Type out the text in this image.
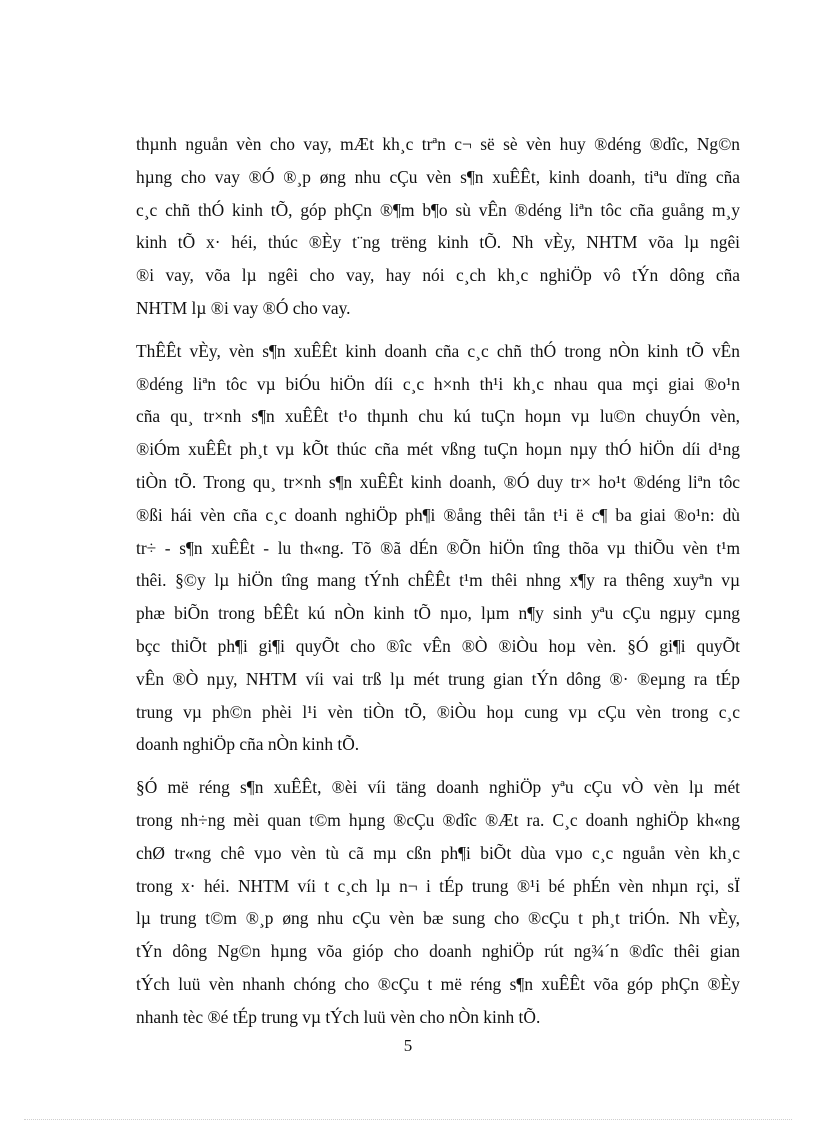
thµnh nguån vèn cho vay, mÆt kh¸c trªn c¬ së sè vèn huy ®déng ®dîc, Ng©n
hµng cho vay ®Ó ®¸p øng nhu cÇu vèn s¶n xuÊÊt, kinh doanh, tiªu dïng cña
c¸c chñ thÓ kinh tÕ, góp phÇn ®¶m b¶o sù vÊn ®déng liªn tôc cña guång m¸y
kinh tÕ x· héi, thúc ®Èy t¨ng trëng kinh tÕ. Nh vÈy, NHTM võa lµ ngêi
®i vay, võa lµ ngêi cho vay, hay nói c¸ch kh¸c nghiÖp vô tÝn dông cña
NHTM lµ ®i vay ®Ó cho vay.

ThÊÊt vÈy, vèn s¶n xuÊÊt kinh doanh cña c¸c chñ thÓ trong nÒn kinh tÕ vÊn
®déng liªn tôc vµ biÓu hiÖn díi c¸c h×nh th¹i kh¸c nhau qua mçi giai ®o¹n
cña qu¸ tr×nh s¶n xuÊÊt t¹o thµnh chu kú tuÇn hoµn vµ lu©n chuyÓn vèn,
®iÓm xuÊÊt ph¸t vµ kÕt thúc cña mét vßng tuÇn hoµn nµy thÓ hiÖn díi d¹ng
tiÒn tÕ. Trong qu¸ tr×nh s¶n xuÊÊt kinh doanh, ®Ó duy tr× ho¹t ®déng liªn tôc
®ßi hái vèn cña c¸c doanh nghiÖp ph¶i ®ång thêi tån t¹i ë c¶ ba giai ®o¹n: dù
tr÷ - s¶n xuÊÊt - lu th«ng. Tõ ®ã dÉn ®Õn hiÖn tîng thõa vµ thiÕu vèn t¹m
thêi. §©y lµ hiÖn tîng mang tÝnh chÊÊt t¹m thêi nhng x¶y ra thêng xuyªn vµ
phæ biÕn trong bÊÊt kú nÒn kinh tÕ nµo, lµm n¶y sinh yªu cÇu ngµy cµng
bçc thiÕt ph¶i gi¶i quyÕt cho ®îc vÊn ®Ò ®iÒu hoµ vèn. §Ó gi¶i quyÕt
vÊn ®Ò nµy, NHTM víi vai trß lµ mét trung gian tÝn dông ®· ®eµng ra tÉp
trung vµ ph©n phèi l¹i vèn tiÒn tÕ, ®iÒu hoµ cung vµ cÇu vèn trong c¸c
doanh nghiÖp cña nÒn kinh tÕ.

§Ó më réng s¶n xuÊÊt, ®èi víi täng doanh nghiÖp yªu cÇu vÒ vèn lµ mét
trong nh÷ng mèi quan t©m hµng ®cÇu ®dîc ®Æt ra. C¸c doanh nghiÖp kh«ng
chØ tr«ng chê vµo vèn tù cã mµ cßn ph¶i biÕt dùa vµo c¸c nguån vèn kh¸c
trong x· héi. NHTM víi t c¸ch lµ n¬ i tÉp trung ®¹i bé phÉn vèn nhµn rçi, sÏ
lµ trung t©m ®¸p øng nhu cÇu vèn bæ sung cho ®cÇu t ph¸t triÓn. Nh vÈy,
tÝn dông Ng©n hµng võa gióp cho doanh nghiÖp rút ng¾´n ®dîc thêi gian
tÝch luü vèn nhanh chóng cho ®cÇu t më réng s¶n xuÊÊt võa góp phÇn ®Èy
nhanh tèc ®é tÉp trung vµ tÝch luü vèn cho nÒn kinh tÕ.

5
